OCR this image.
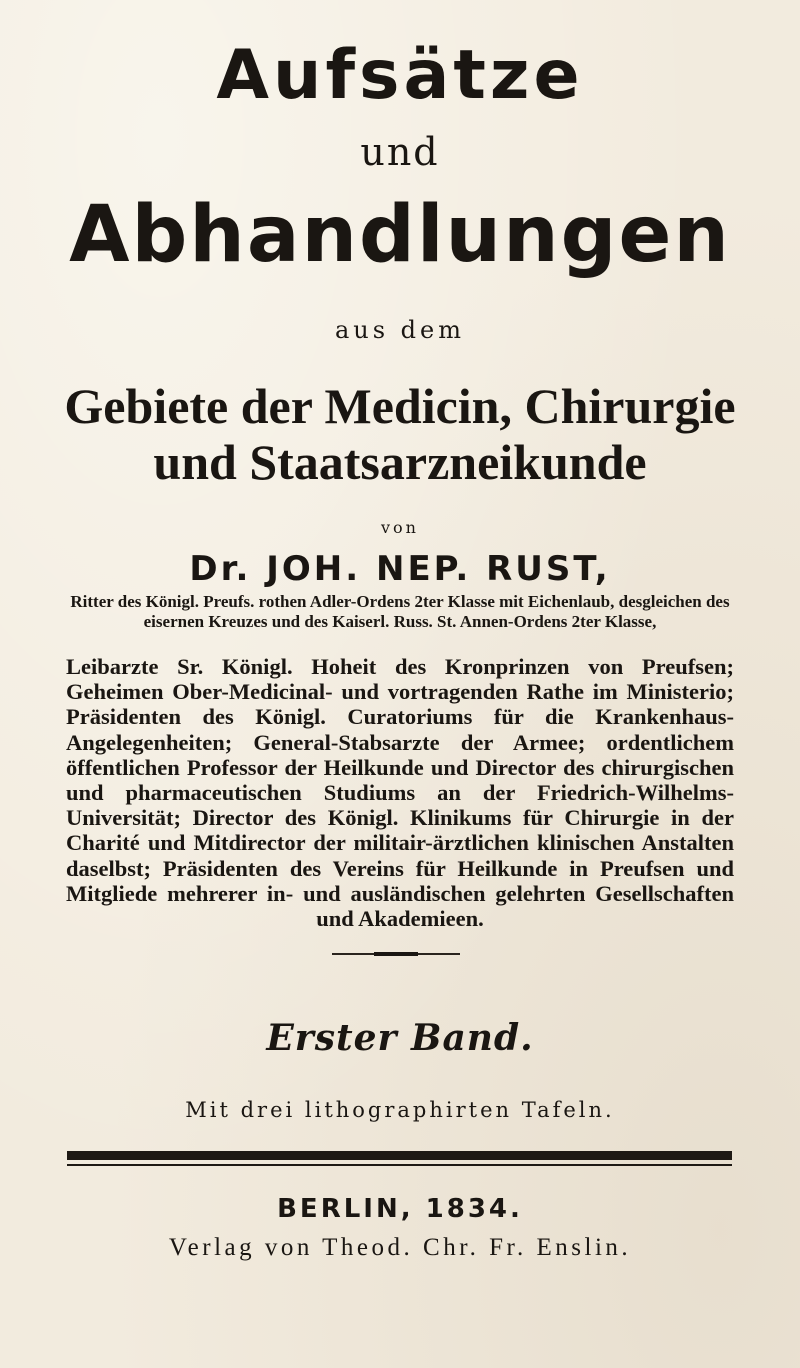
Aufsätze
und
Abhandlungen
aus dem
Gebiete der Medicin, Chirurgie
und Staatsarzneikunde
von
Dr. JOH. NEP. RUST,
Ritter des Königl. Preufs. rothen Adler-Ordens 2ter Klasse mit Eichenlaub, desgleichen des eisernen Kreuzes und des Kaiserl. Russ. St. Annen-Ordens 2ter Klasse,
Leibarzte Sr. Königl. Hoheit des Kronprinzen von Preufsen; Geheimen Ober-Medicinal- und vortragenden Rathe im Ministerio; Präsidenten des Königl. Curatoriums für die Krankenhaus-Angelegenheiten; General-Stabsarzte der Armee; ordentlichem öffentlichen Professor der Heilkunde und Director des chirurgischen und pharmaceutischen Studiums an der Friedrich-Wilhelms-Universität; Director des Königl. Klinikums für Chirurgie in der Charité und Mitdirector der militair-ärztlichen klinischen Anstalten daselbst; Präsidenten des Vereins für Heilkunde in Preufsen und Mitgliede mehrerer in- und ausländischen gelehrten Gesellschaften und Akademieen.
Erster Band.
Mit drei lithographirten Tafeln.
BERLIN, 1834.
Verlag von Theod. Chr. Fr. Enslin.
